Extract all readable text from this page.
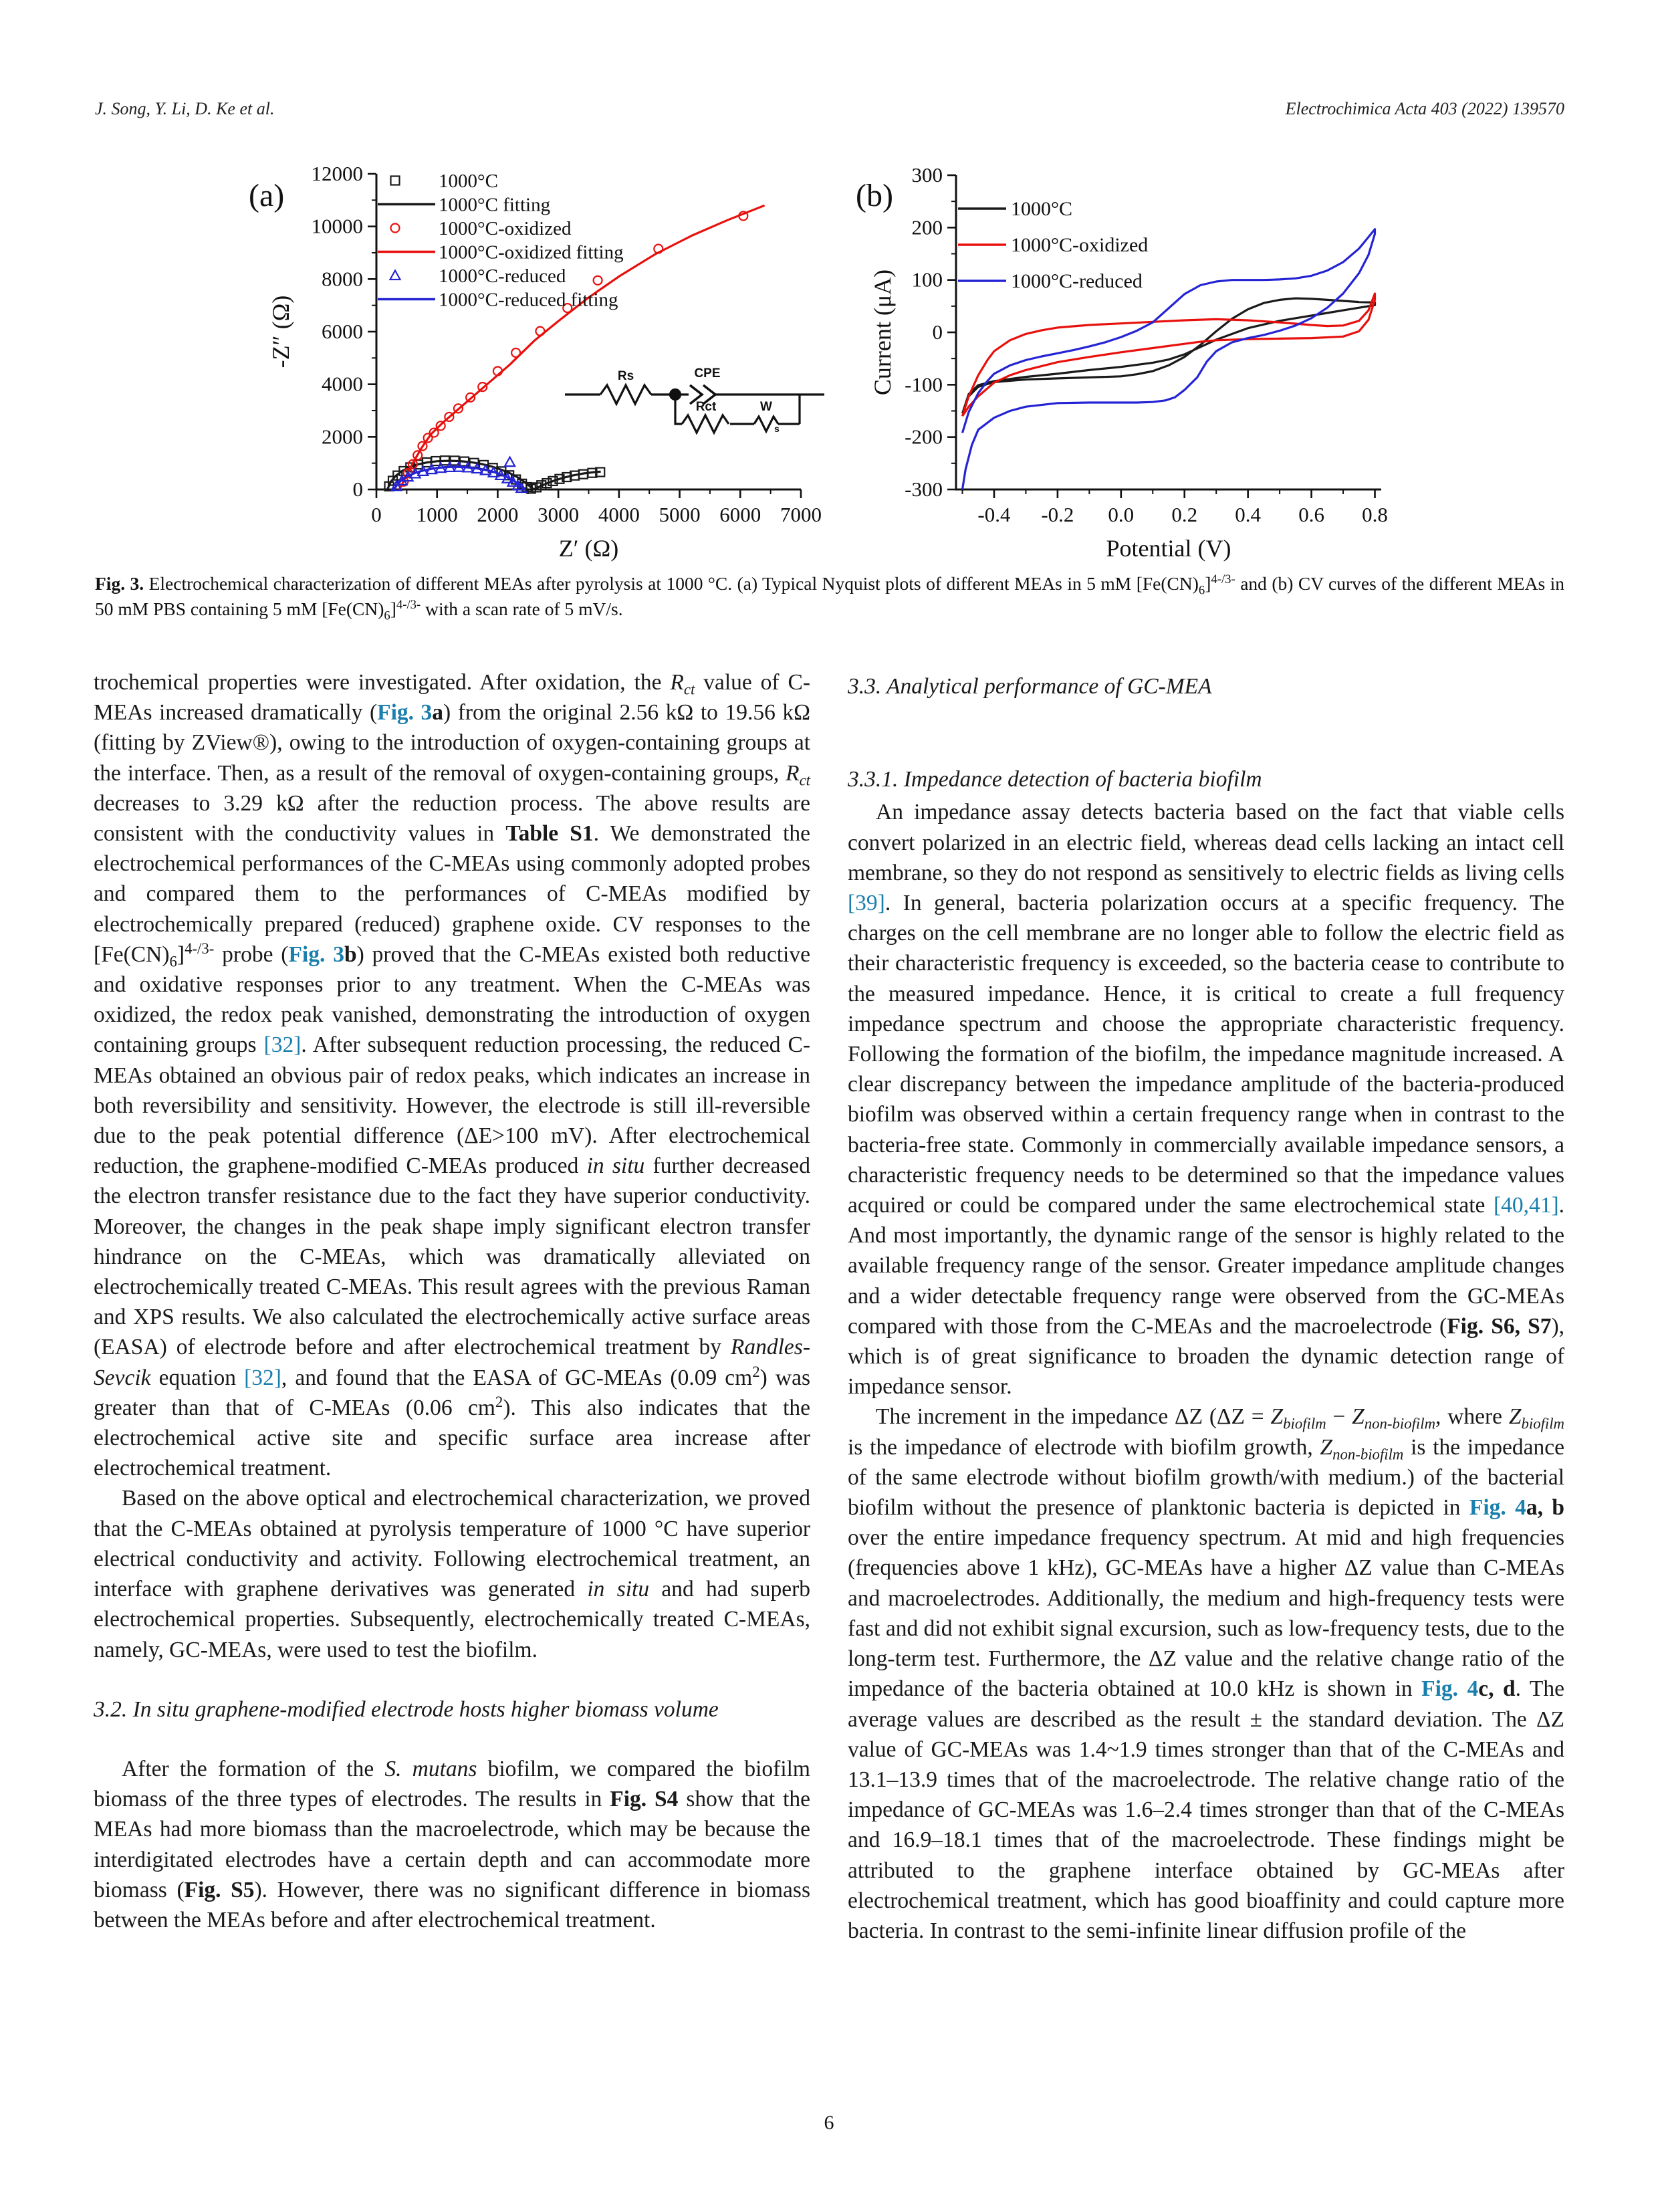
J. Song, Y. Li, D. Ke et al.	Electrochimica Acta 403 (2022) 139570
(a)
0 1000 2000 3000 4000 5000 6000 7000
0
2000
4000
6000
8000
10000
12000
Z′ (Ω)
-Z″ (Ω)
1000°C
1000°C fitting
1000°C-oxidized
1000°C-oxidized fitting
1000°C-reduced
1000°C-reduced fitting
Rs	CPE
Rct	W
s
(b)
-0.4 -0.2 0.0 0.2 0.4 0.6 0.8
-300
-200
-100
0
100
200
300
Potential (V)
Current (μA)
1000°C
1000°C-oxidized
1000°C-reduced
Fig. 3. Electrochemical characterization of different MEAs after pyrolysis at 1000 °C. (a) Typical Nyquist plots of different MEAs in 5 mM $[Fe(CN)_6]^{4-/3-}$ and (b) CV curves of the different MEAs in 50 mM PBS containing 5 mM $[Fe(CN)_6]^{4-/3-}$ with a scan rate of 5 mV/s.

trochemical properties were investigated. After oxidation, the $R_{ct}$ value of C-MEAs increased dramatically (Fig. 3a) from the original 2.56 kΩ to 19.56 kΩ (fitting by ZView®), owing to the introduction of oxygen-containing groups at the interface. Then, as a result of the removal of oxygen-containing groups, $R_{ct}$ decreases to 3.29 kΩ after the reduction process. The above results are consistent with the conductivity values in Table S1. We demonstrated the electrochemical performances of the C-MEAs using commonly adopted probes and compared them to the performances of C-MEAs modified by electrochemically prepared (reduced) graphene oxide. CV responses to the $[Fe(CN)_6]^{4-/3-}$ probe (Fig. 3b) proved that the C-MEAs existed both reductive and oxidative responses prior to any treatment. When the C-MEAs was oxidized, the redox peak vanished, demonstrating the introduction of oxygen containing groups [32]. After subsequent reduction processing, the reduced C-MEAs obtained an obvious pair of redox peaks, which indicates an increase in both reversibility and sensitivity. However, the electrode is still ill-reversible due to the peak potential difference (ΔE>100 mV). After electrochemical reduction, the graphene-modified C-MEAs produced in situ further decreased the electron transfer resistance due to the fact they have superior conductivity. Moreover, the changes in the peak shape imply significant electron transfer hindrance on the C-MEAs, which was dramatically alleviated on electrochemically treated C-MEAs. This result agrees with the previous Raman and XPS results. We also calculated the electrochemically active surface areas (EASA) of electrode before and after electrochemical treatment by Randles-Sevcik equation [32], and found that the EASA of GC-MEAs (0.09 $cm^2$) was greater than that of C-MEAs (0.06 $cm^2$). This also indicates that the electrochemical active site and specific surface area increase after electrochemical treatment.

Based on the above optical and electrochemical characterization, we proved that the C-MEAs obtained at pyrolysis temperature of 1000 °C have superior electrical conductivity and activity. Following electrochemical treatment, an interface with graphene derivatives was generated in situ and had superb electrochemical properties. Subsequently, electrochemically treated C-MEAs, namely, GC-MEAs, were used to test the biofilm.

3.2. In situ graphene-modified electrode hosts higher biomass volume

After the formation of the S. mutans biofilm, we compared the biofilm biomass of the three types of electrodes. The results in Fig. S4 show that the MEAs had more biomass than the macroelectrode, which may be because the interdigitated electrodes have a certain depth and can accommodate more biomass (Fig. S5). However, there was no significant difference in biomass between the MEAs before and after electrochemical treatment.

3.3. Analytical performance of GC-MEA
3.3.1. Impedance detection of bacteria biofilm

An impedance assay detects bacteria based on the fact that viable cells convert polarized in an electric field, whereas dead cells lacking an intact cell membrane, so they do not respond as sensitively to electric fields as living cells [39]. In general, bacteria polarization occurs at a specific frequency. The charges on the cell membrane are no longer able to follow the electric field as their characteristic frequency is exceeded, so the bacteria cease to contribute to the measured impedance. Hence, it is critical to create a full frequency impedance spectrum and choose the appropriate characteristic frequency. Following the formation of the biofilm, the impedance magnitude increased. A clear discrepancy between the impedance amplitude of the bacteria-produced biofilm was observed within a certain frequency range when in contrast to the bacteria-free state. Commonly in commercially available impedance sensors, a characteristic frequency needs to be determined so that the impedance values acquired or could be compared under the same electrochemical state [40,41]. And most importantly, the dynamic range of the sensor is highly related to the available frequency range of the sensor. Greater impedance amplitude changes and a wider detectable frequency range were observed from the GC-MEAs compared with those from the C-MEAs and the macroelectrode (Fig. S6, S7), which is of great significance to broaden the dynamic detection range of impedance sensor.

The increment in the impedance ΔZ ($\Delta Z = Z_{biofilm} - Z_{non-biofilm}$, where $Z_{biofilm}$ is the impedance of electrode with biofilm growth, $Z_{non-biofilm}$ is the impedance of the same electrode without biofilm growth/with medium.) of the bacterial biofilm without the presence of planktonic bacteria is depicted in Fig. 4a, b over the entire impedance frequency spectrum. At mid and high frequencies (frequencies above 1 kHz), GC-MEAs have a higher ΔZ value than C-MEAs and macroelectrodes. Additionally, the medium and high-frequency tests were fast and did not exhibit signal excursion, such as low-frequency tests, due to the long-term test. Furthermore, the ΔZ value and the relative change ratio of the impedance of the bacteria obtained at 10.0 kHz is shown in Fig. 4c, d. The average values are described as the result ± the standard deviation. The ΔZ value of GC-MEAs was 1.4~1.9 times stronger than that of the C-MEAs and 13.1–13.9 times that of the macroelectrode. The relative change ratio of the impedance of GC-MEAs was 1.6–2.4 times stronger than that of the C-MEAs and 16.9–18.1 times that of the macroelectrode. These findings might be attributed to the graphene interface obtained by GC-MEAs after electrochemical treatment, which has good bioaffinity and could capture more bacteria. In contrast to the semi-infinite linear diffusion profile of the

6
